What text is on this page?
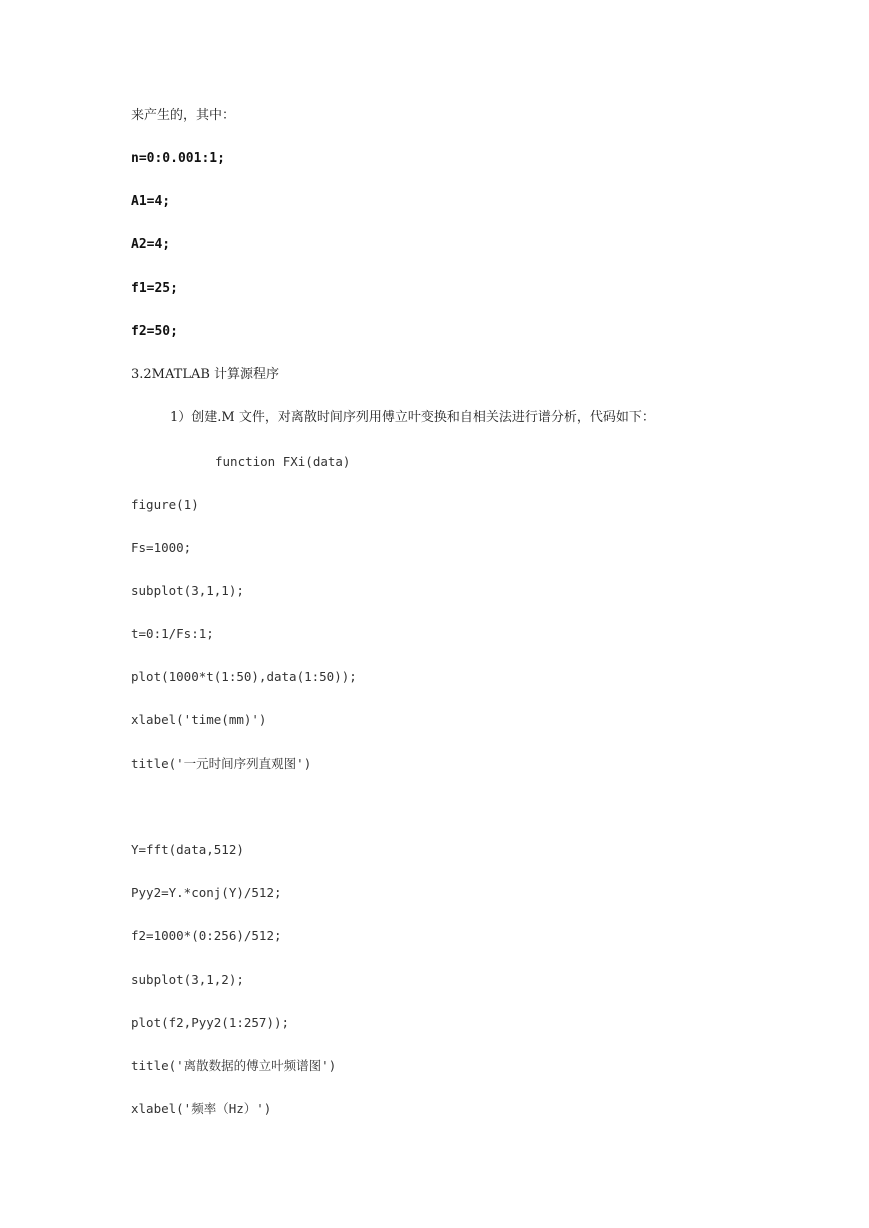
来产生的，其中：
n=0:0.001:1;
A1=4;
A2=4;
f1=25;
f2=50;
3.2MATLAB 计算源程序
1）创建.M 文件，对离散时间序列用傅立叶变换和自相关法进行谱分析，代码如下：
function FXi(data)
figure(1)
Fs=1000;
subplot(3,1,1);
t=0:1/Fs:1;
plot(1000*t(1:50),data(1:50));
xlabel('time(mm)')
title('一元时间序列直观图')
Y=fft(data,512)
Pyy2=Y.*conj(Y)/512;
f2=1000*(0:256)/512;
subplot(3,1,2);
plot(f2,Pyy2(1:257));
title('离散数据的傅立叶频谱图')
xlabel('频率（Hz）')
